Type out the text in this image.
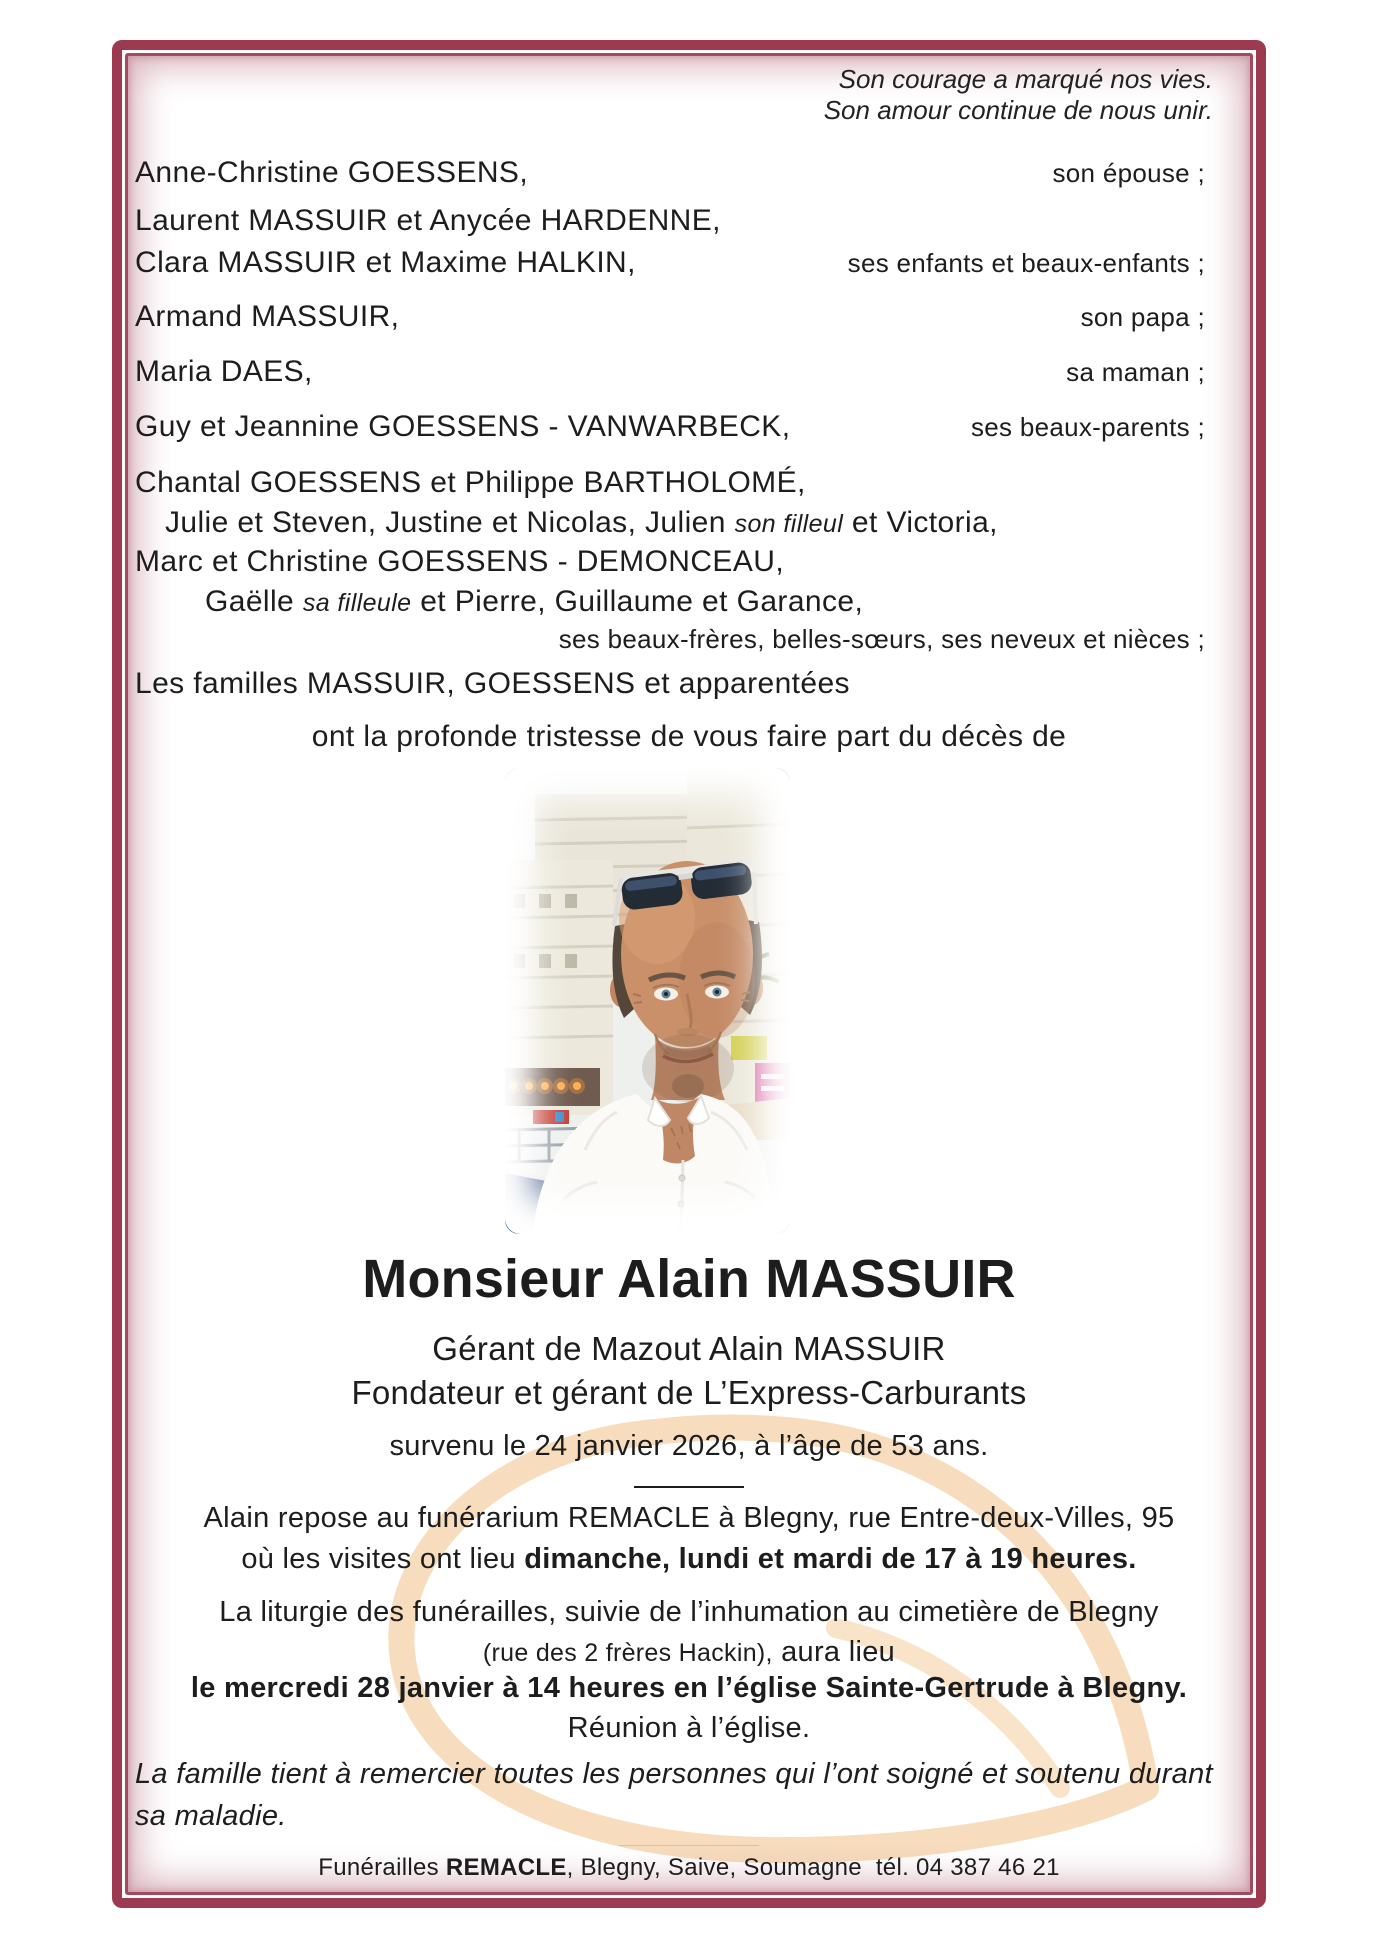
Son courage a marqué nos vies.
Son amour continue de nous unir.
Anne-Christine GOESSENS,	son épouse ;
Laurent MASSUIR et Anycée HARDENNE,
Clara MASSUIR et Maxime HALKIN,	ses enfants et beaux-enfants ;
Armand MASSUIR,	son papa ;
Maria DAES,	sa maman ;
Guy et Jeannine GOESSENS - VANWARBECK,	ses beaux-parents ;
Chantal GOESSENS et Philippe BARTHOLOMÉ,
Julie et Steven, Justine et Nicolas, Julien son filleul et Victoria,
Marc et Christine GOESSENS - DEMONCEAU,
Gaëlle sa filleule et Pierre, Guillaume et Garance,
ses beaux-frères, belles-sœurs, ses neveux et nièces ;
Les familles MASSUIR, GOESSENS et apparentées
ont la profonde tristesse de vous faire part du décès de
Monsieur Alain MASSUIR
Gérant de Mazout Alain MASSUIR
Fondateur et gérant de L’Express-Carburants
survenu le 24 janvier 2026, à l’âge de 53 ans.
Alain repose au funérarium REMACLE à Blegny, rue Entre-deux-Villes, 95
où les visites ont lieu dimanche, lundi et mardi de 17 à 19 heures.
La liturgie des funérailles, suivie de l’inhumation au cimetière de Blegny
(rue des 2 frères Hackin), aura lieu
le mercredi 28 janvier à 14 heures en l’église Sainte-Gertrude à Blegny.
Réunion à l’église.
La famille tient à remercier toutes les personnes qui l’ont soigné et soutenu durant
sa maladie.
Funérailles REMACLE, Blegny, Saive, Soumagne  tél. 04 387 46 21
